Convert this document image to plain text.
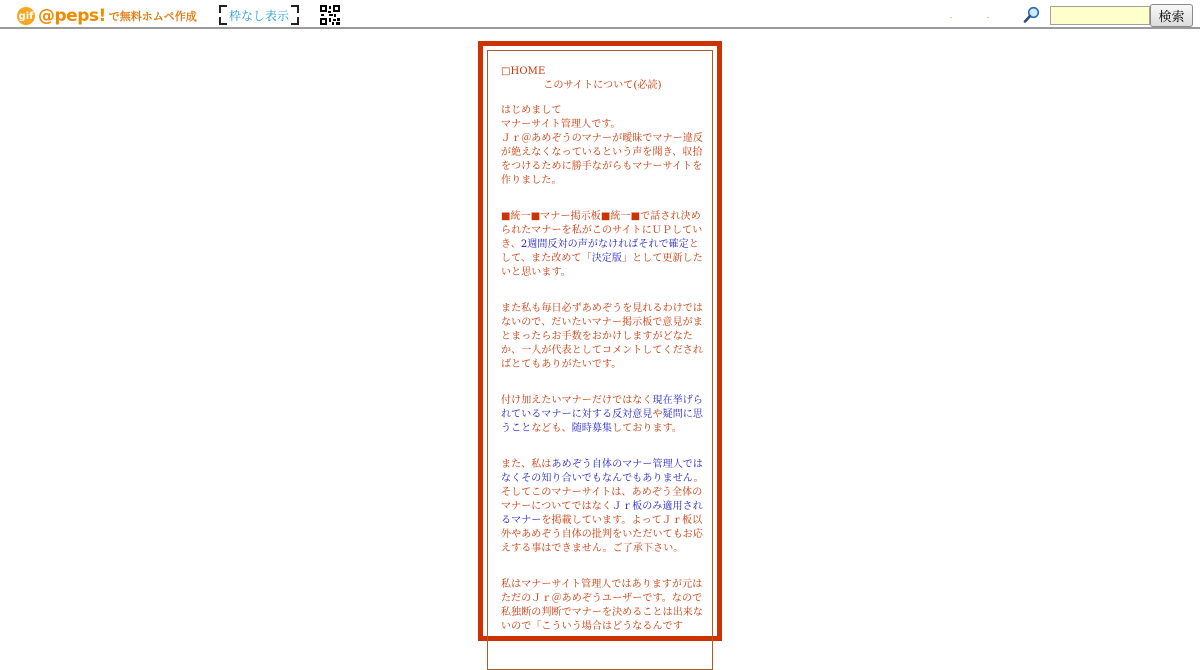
gif @peps! で無料ホムペ作成	枠なし表示	・	・	検索
□HOME
このサイトについて(必読)
はじめまして
マナーサイト管理人です。
Ｊｒ＠あめぞうのマナーが曖昧でマナー違反が絶えなくなっているという声を聞き、収拾をつけるために勝手ながらもマナーサイトを作りました。
■統一■マナー掲示板■統一■で話され決められたマナーを私がこのサイトにＵＰしていき、2週間反対の声がなければそれで確定として、また改めて「決定版」として更新したいと思います。
また私も毎日必ずあめぞうを見れるわけではないので、だいたいマナー掲示板で意見がまとまったらお手数をおかけしますがどなたか、一人が代表としてコメントしてくださればとてもありがたいです。
付け加えたいマナーだけではなく現在挙げられているマナーに対する反対意見や疑問に思うことなども、随時募集しております。
また、私はあめぞう自体のマナー管理人ではなくその知り合いでもなんでもありません。そしてこのマナーサイトは、あめぞう全体のマナーについてではなくＪｒ板のみ適用されるマナーを掲載しています。よってＪｒ板以外やあめぞう自体の批判をいただいてもお応えする事はできません。ご了承下さい。
私はマナーサイト管理人ではありますが元はただのＪｒ＠あめぞうユーザーです。なので私独断の判断でマナーを決めることは出来ないので「こういう場合はどうなるんです
